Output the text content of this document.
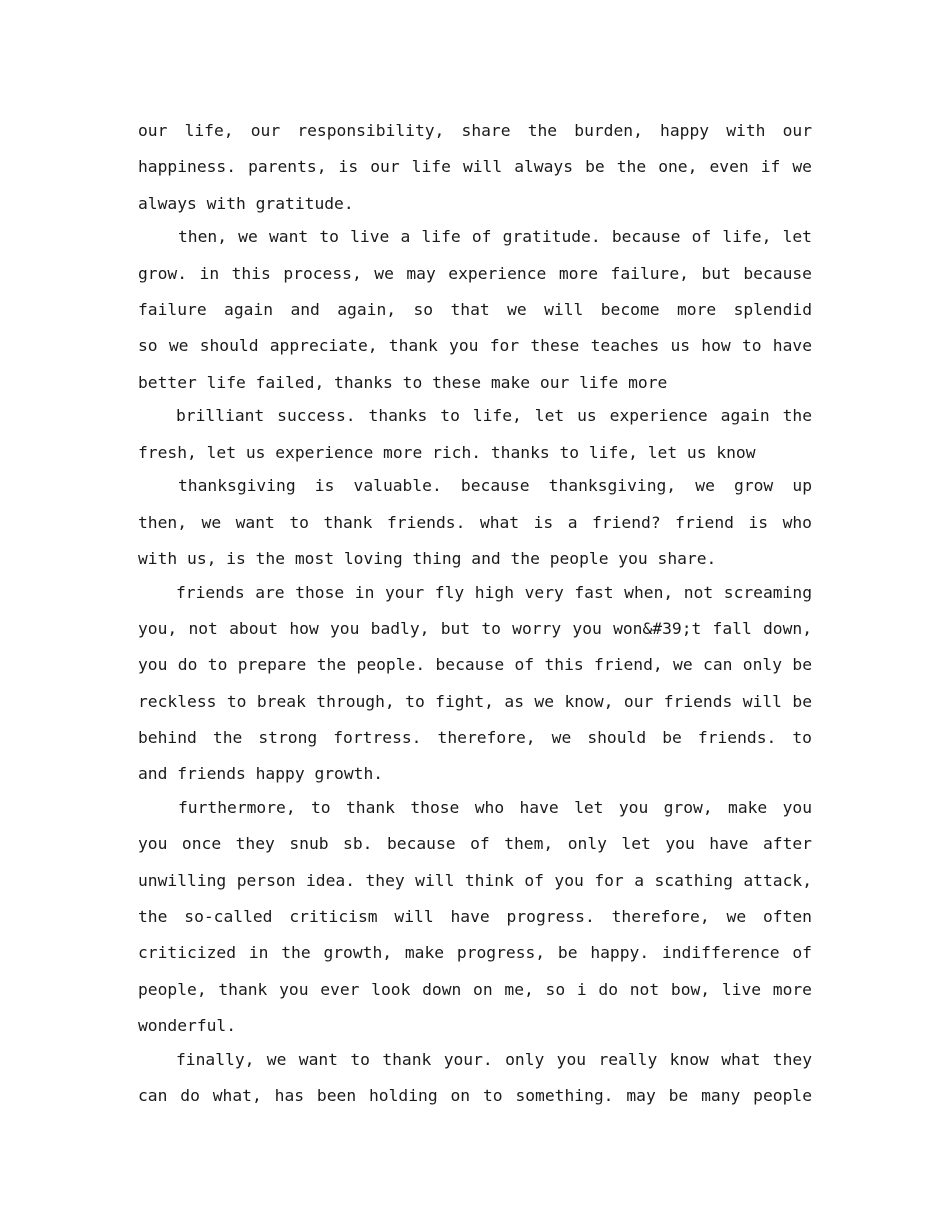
our life, our responsibility, share the burden, happy with our
happiness. parents, is our life will always be the one, even if we
always with gratitude.
then, we want to live a life of gratitude. because of life, let
grow. in this process, we may experience more failure, but because
failure again and again, so that we will become more splendid
so we should appreciate, thank you for these teaches us how to have
better life failed, thanks to these make our life more
brilliant success. thanks to life, let us experience again the
fresh, let us experience more rich. thanks to life, let us know
thanksgiving is valuable. because thanksgiving, we grow up
then, we want to thank friends. what is a friend? friend is who
with us, is the most loving thing and the people you share.
friends are those in your fly high very fast when, not screaming
you, not about how you badly, but to worry you won&#39;t fall down,
you do to prepare the people. because of this friend, we can only be
reckless to break through, to fight, as we know, our friends will be
behind the strong fortress. therefore, we should be friends. to
and friends happy growth.
furthermore, to thank those who have let you grow, make you
you once they snub sb. because of them, only let you have after
unwilling person idea. they will think of you for a scathing attack,
the so-called criticism will have progress. therefore, we often
criticized in the growth, make progress, be happy. indifference of
people, thank you ever look down on me, so i do not bow, live more
wonderful.
finally, we want to thank your. only you really know what they
can do what, has been holding on to something. may be many people
